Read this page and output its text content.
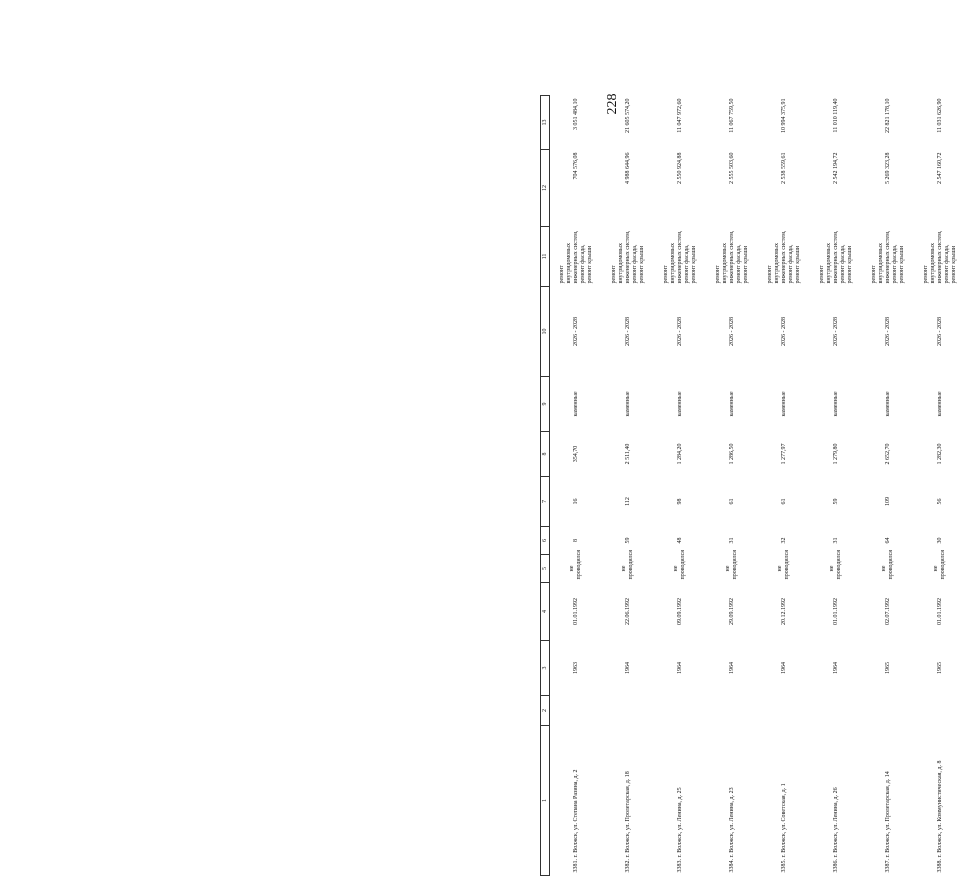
228
1	2	3	4	5	6	7	8	9	10	11	12	13
3381. г. Волжск, ул. Степана Разина, д. 2		1963	01.01.1992	не проводился	8	16	354,70	каменные	2026 - 2028	ремонт внутридомовых инженерных систем, ремонт фасада, ремонт крыши	704 576,08	3 051 484,10
3382. г. Волжск, ул. Пролетарская, д. 18		1964	22.06.1992	не проводился	59	112	2 511,40	каменные	2026 - 2028	ремонт внутридомовых инженерных систем, ремонт фасада, ремонт крыши	4 988 644,96	21 605 574,20
3383. г. Волжск, ул. Ленина, д. 25		1964	09.09.1992	не проводился	48	98	1 284,20	каменные	2026 - 2028	ремонт внутридомовых инженерных систем, ремонт фасада, ремонт крыши	2 550 924,88	11 047 972,60
3384. г. Волжск, ул. Ленина, д. 23		1964	29.09.1992	не проводился	31	61	1 286,50	каменные	2026 - 2028	ремонт внутридомовых инженерных систем, ремонт фасада, ремонт крыши	2 555 503,60	11 067 759,50
3385. г. Волжск, ул. Советская, д. 1		1964	20.12.1992	не проводился	32	61	1 277,97	каменные	2026 - 2028	ремонт внутридомовых инженерных систем, ремонт фасада, ремонт крыши	2 538 559,61	10 994 375,91
3386. г. Волжск, ул. Ленина, д. 26		1964	01.01.1992	не проводился	31	59	1 279,80	каменные	2026 - 2028	ремонт внутридомовых инженерных систем, ремонт фасада, ремонт крыши	2 542 194,72	11 010 119,40
3387. г. Волжск, ул. Пролетарская, д. 14		1965	02.07.1992	не проводился	64	109	2 652,70	каменные	2026 - 2028	ремонт внутридомовых инженерных систем, ремонт фасада, ремонт крыши	5 269 323,28	22 821 178,10
3388. г. Волжск, ул. Коммунистическая, д. 8		1965	01.01.1992	не проводился	30	56	1 282,30	каменные	2026 - 2028	ремонт внутридомовых инженерных систем, ремонт фасада, ремонт крыши	2 547 160,72	11 031 626,90
